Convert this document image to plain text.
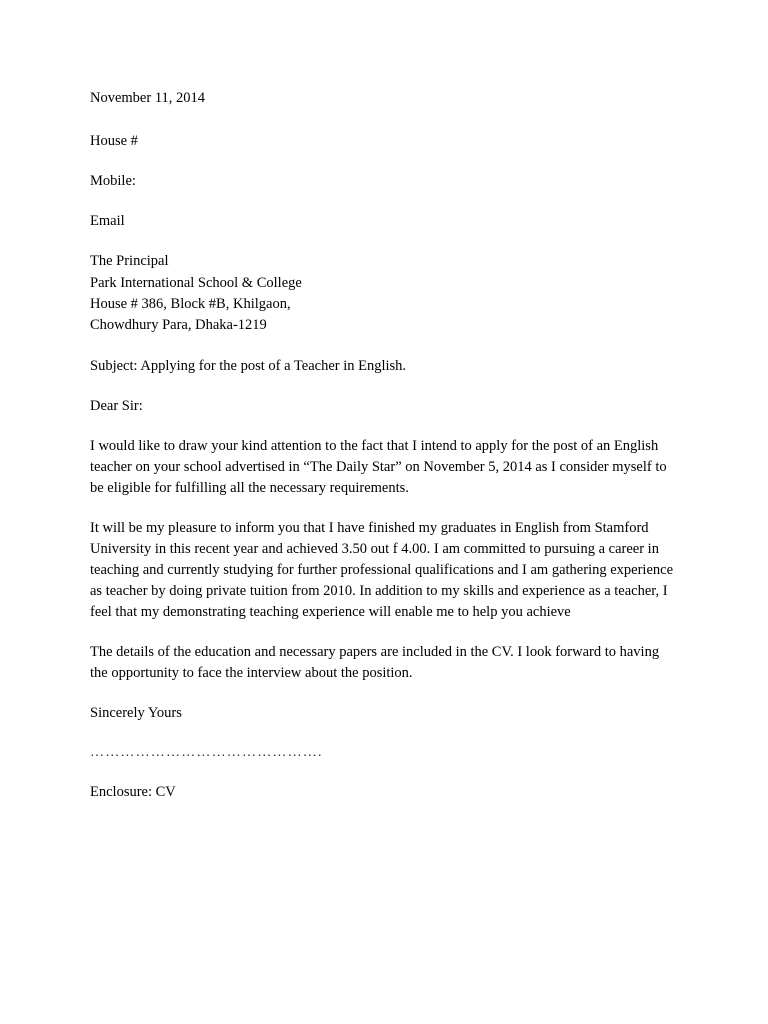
November 11, 2014
House #
Mobile:
Email
The Principal
Park International School & College
House # 386, Block #B, Khilgaon,
Chowdhury Para, Dhaka-1219
Subject: Applying for the post of a Teacher in English.
Dear Sir:

I would like to draw your kind attention to the fact that I intend to apply for the post of an English teacher on your school advertised in “The Daily Star” on November 5, 2014 as I consider myself to be eligible for fulfilling all the necessary requirements.

It will be my pleasure to inform you that I have finished my graduates in English from Stamford University in this recent year and achieved 3.50 out f 4.00. I am committed to pursuing a career in teaching and currently studying for further professional qualifications and I am gathering experience as teacher by doing private tuition from 2010. In addition to my skills and experience as a teacher, I feel that my demonstrating teaching experience will enable me to help you achieve

The details of the education and necessary papers are included in the CV. I look forward to having the opportunity to face the interview about the position.

Sincerely Yours
……………………………………….
Enclosure: CV
